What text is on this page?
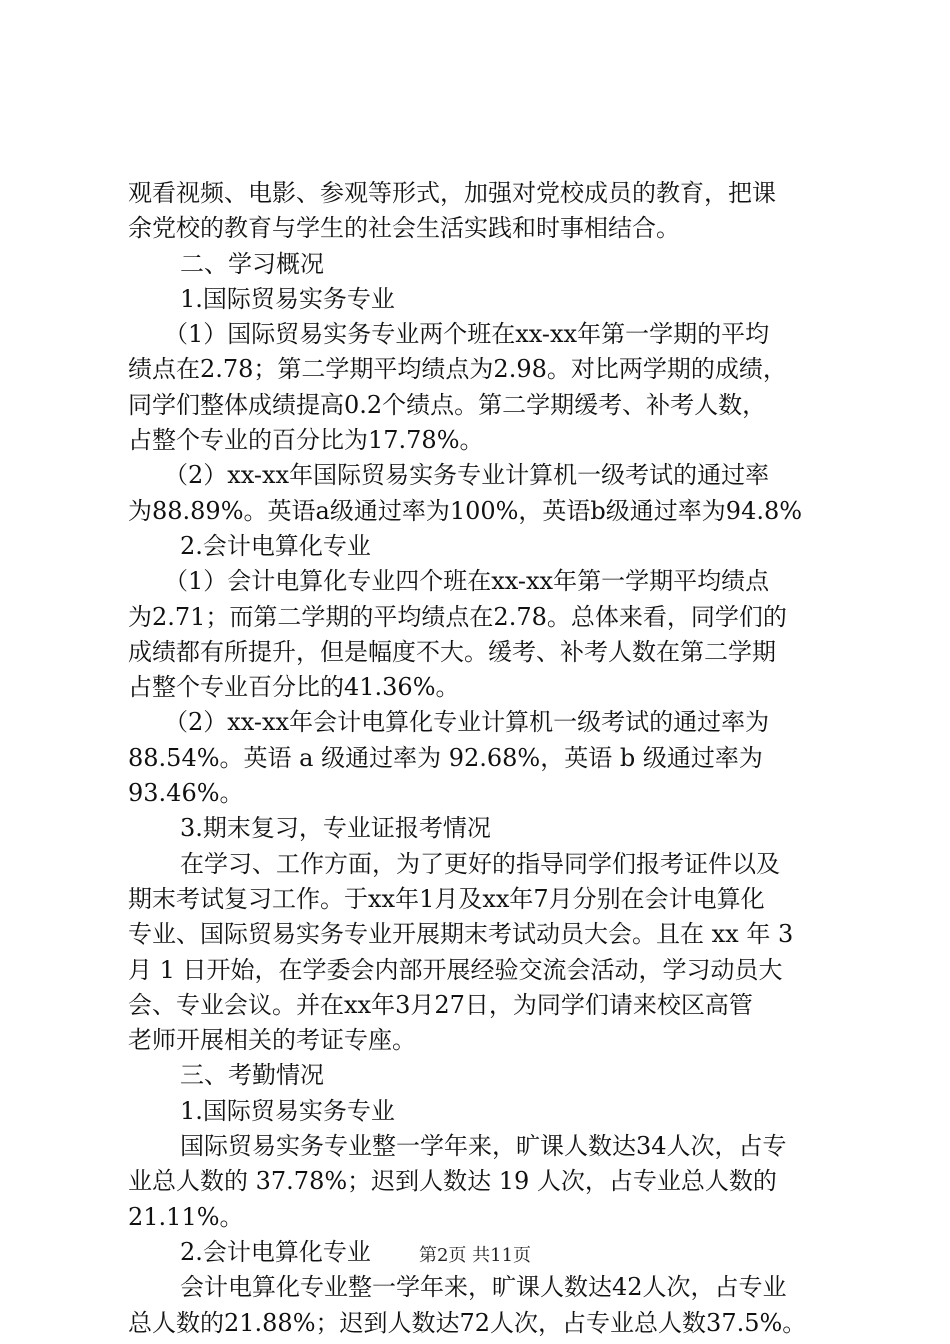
观看视频、电影、参观等形式，加强对党校成员的教育，把课
余党校的教育与学生的社会生活实践和时事相结合。
二、学习概况
1.国际贸易实务专业
（1）国际贸易实务专业两个班在xx-xx年第一学期的平均
绩点在2.78；第二学期平均绩点为2.98。对比两学期的成绩，
同学们整体成绩提高0.2个绩点。第二学期缓考、补考人数，
占整个专业的百分比为17.78%。
（2）xx-xx年国际贸易实务专业计算机一级考试的通过率
为88.89%。英语a级通过率为100%，英语b级通过率为94.8%
2.会计电算化专业
（1）会计电算化专业四个班在xx-xx年第一学期平均绩点
为2.71；而第二学期的平均绩点在2.78。总体来看，同学们的
成绩都有所提升，但是幅度不大。缓考、补考人数在第二学期
占整个专业百分比的41.36%。
（2）xx-xx年会计电算化专业计算机一级考试的通过率为
88.54%。英语 a 级通过率为 92.68%，英语 b 级通过率为
93.46%。
3.期末复习，专业证报考情况
在学习、工作方面，为了更好的指导同学们报考证件以及
期末考试复习工作。于xx年1月及xx年7月分别在会计电算化
专业、国际贸易实务专业开展期末考试动员大会。且在 xx 年 3
月 1 日开始，在学委会内部开展经验交流会活动，学习动员大
会、专业会议。并在xx年3月27日，为同学们请来校区高管
老师开展相关的考证专座。
三、考勤情况
1.国际贸易实务专业
国际贸易实务专业整一学年来，旷课人数达34人次，占专
业总人数的 37.78%；迟到人数达 19 人次，占专业总人数的
21.11%。
2.会计电算化专业
会计电算化专业整一学年来，旷课人数达42人次，占专业
总人数的21.88%；迟到人数达72人次，占专业总人数37.5%。
第2页 共11页
